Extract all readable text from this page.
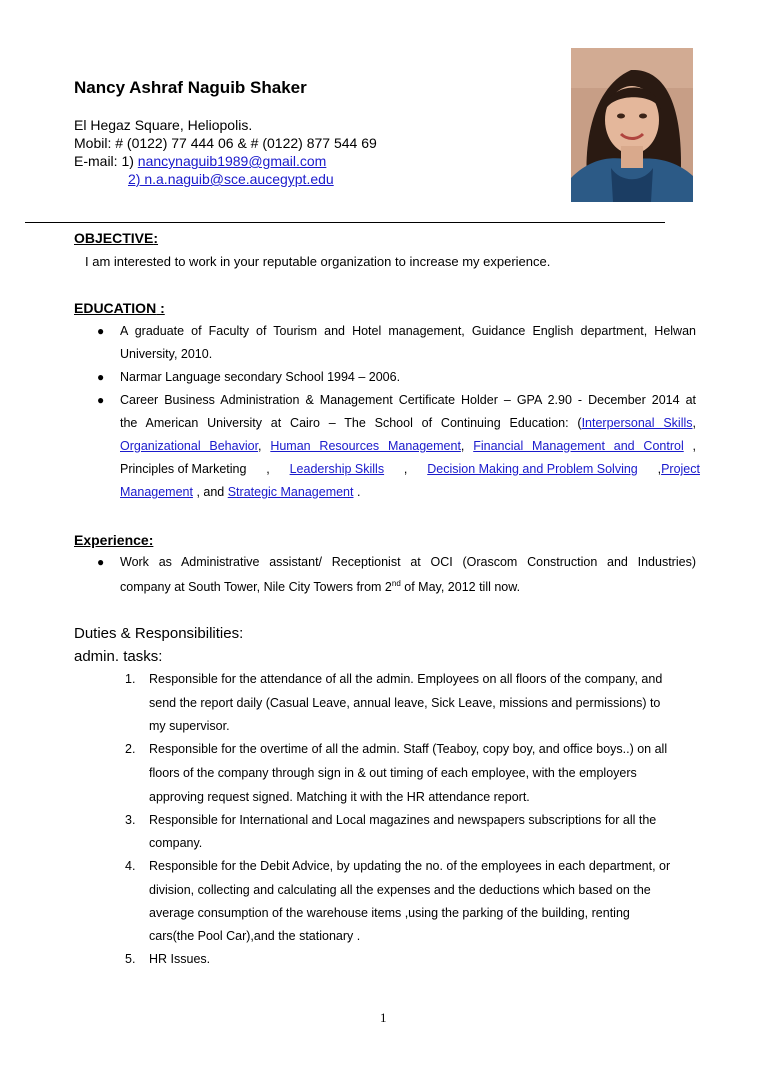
Nancy Ashraf Naguib Shaker
El Hegaz Square, Heliopolis.
Mobil: # (0122) 77 444 06 & # (0122) 877 544 69
E-mail: 1) nancynaguib1989@gmail.com
2) n.a.naguib@sce.aucegypt.edu
OBJECTIVE:
I am interested to work in your reputable organization to increase my experience.
EDUCATION :
● A graduate of Faculty of Tourism and Hotel management, Guidance English department, Helwan
University, 2010.
● Narmar Language secondary School 1994 – 2006.
● Career Business Administration & Management Certificate Holder – GPA 2.90 - December 2014 at
the American University at Cairo – The School of Continuing Education: (Interpersonal Skills,
Organizational Behavior, Human Resources Management, Financial Management and Control ,
Principles of Marketing , Leadership Skills , Decision Making and Problem Solving ,Project
Management , and Strategic Management .
Experience:
● Work as Administrative assistant/ Receptionist at OCI (Orascom Construction and Industries)
company at South Tower, Nile City Towers from 2nd of May, 2012 till now.
Duties & Responsibilities:
admin. tasks:
1. Responsible for the attendance of all the admin. Employees on all floors of the company, and
send the report daily (Casual Leave, annual leave, Sick Leave, missions and permissions) to
my supervisor.
2. Responsible for the overtime of all the admin. Staff (Teaboy, copy boy, and office boys..) on all
floors of the company through sign in & out timing of each employee, with the employers
approving request signed. Matching it with the HR attendance report.
3. Responsible for International and Local magazines and newspapers subscriptions for all the
company.
4. Responsible for the Debit Advice, by updating the no. of the employees in each department, or
division, collecting and calculating all the expenses and the deductions which based on the
average consumption of the warehouse items ,using the parking of the building, renting
cars(the Pool Car),and the stationary .
5. HR Issues.
1
